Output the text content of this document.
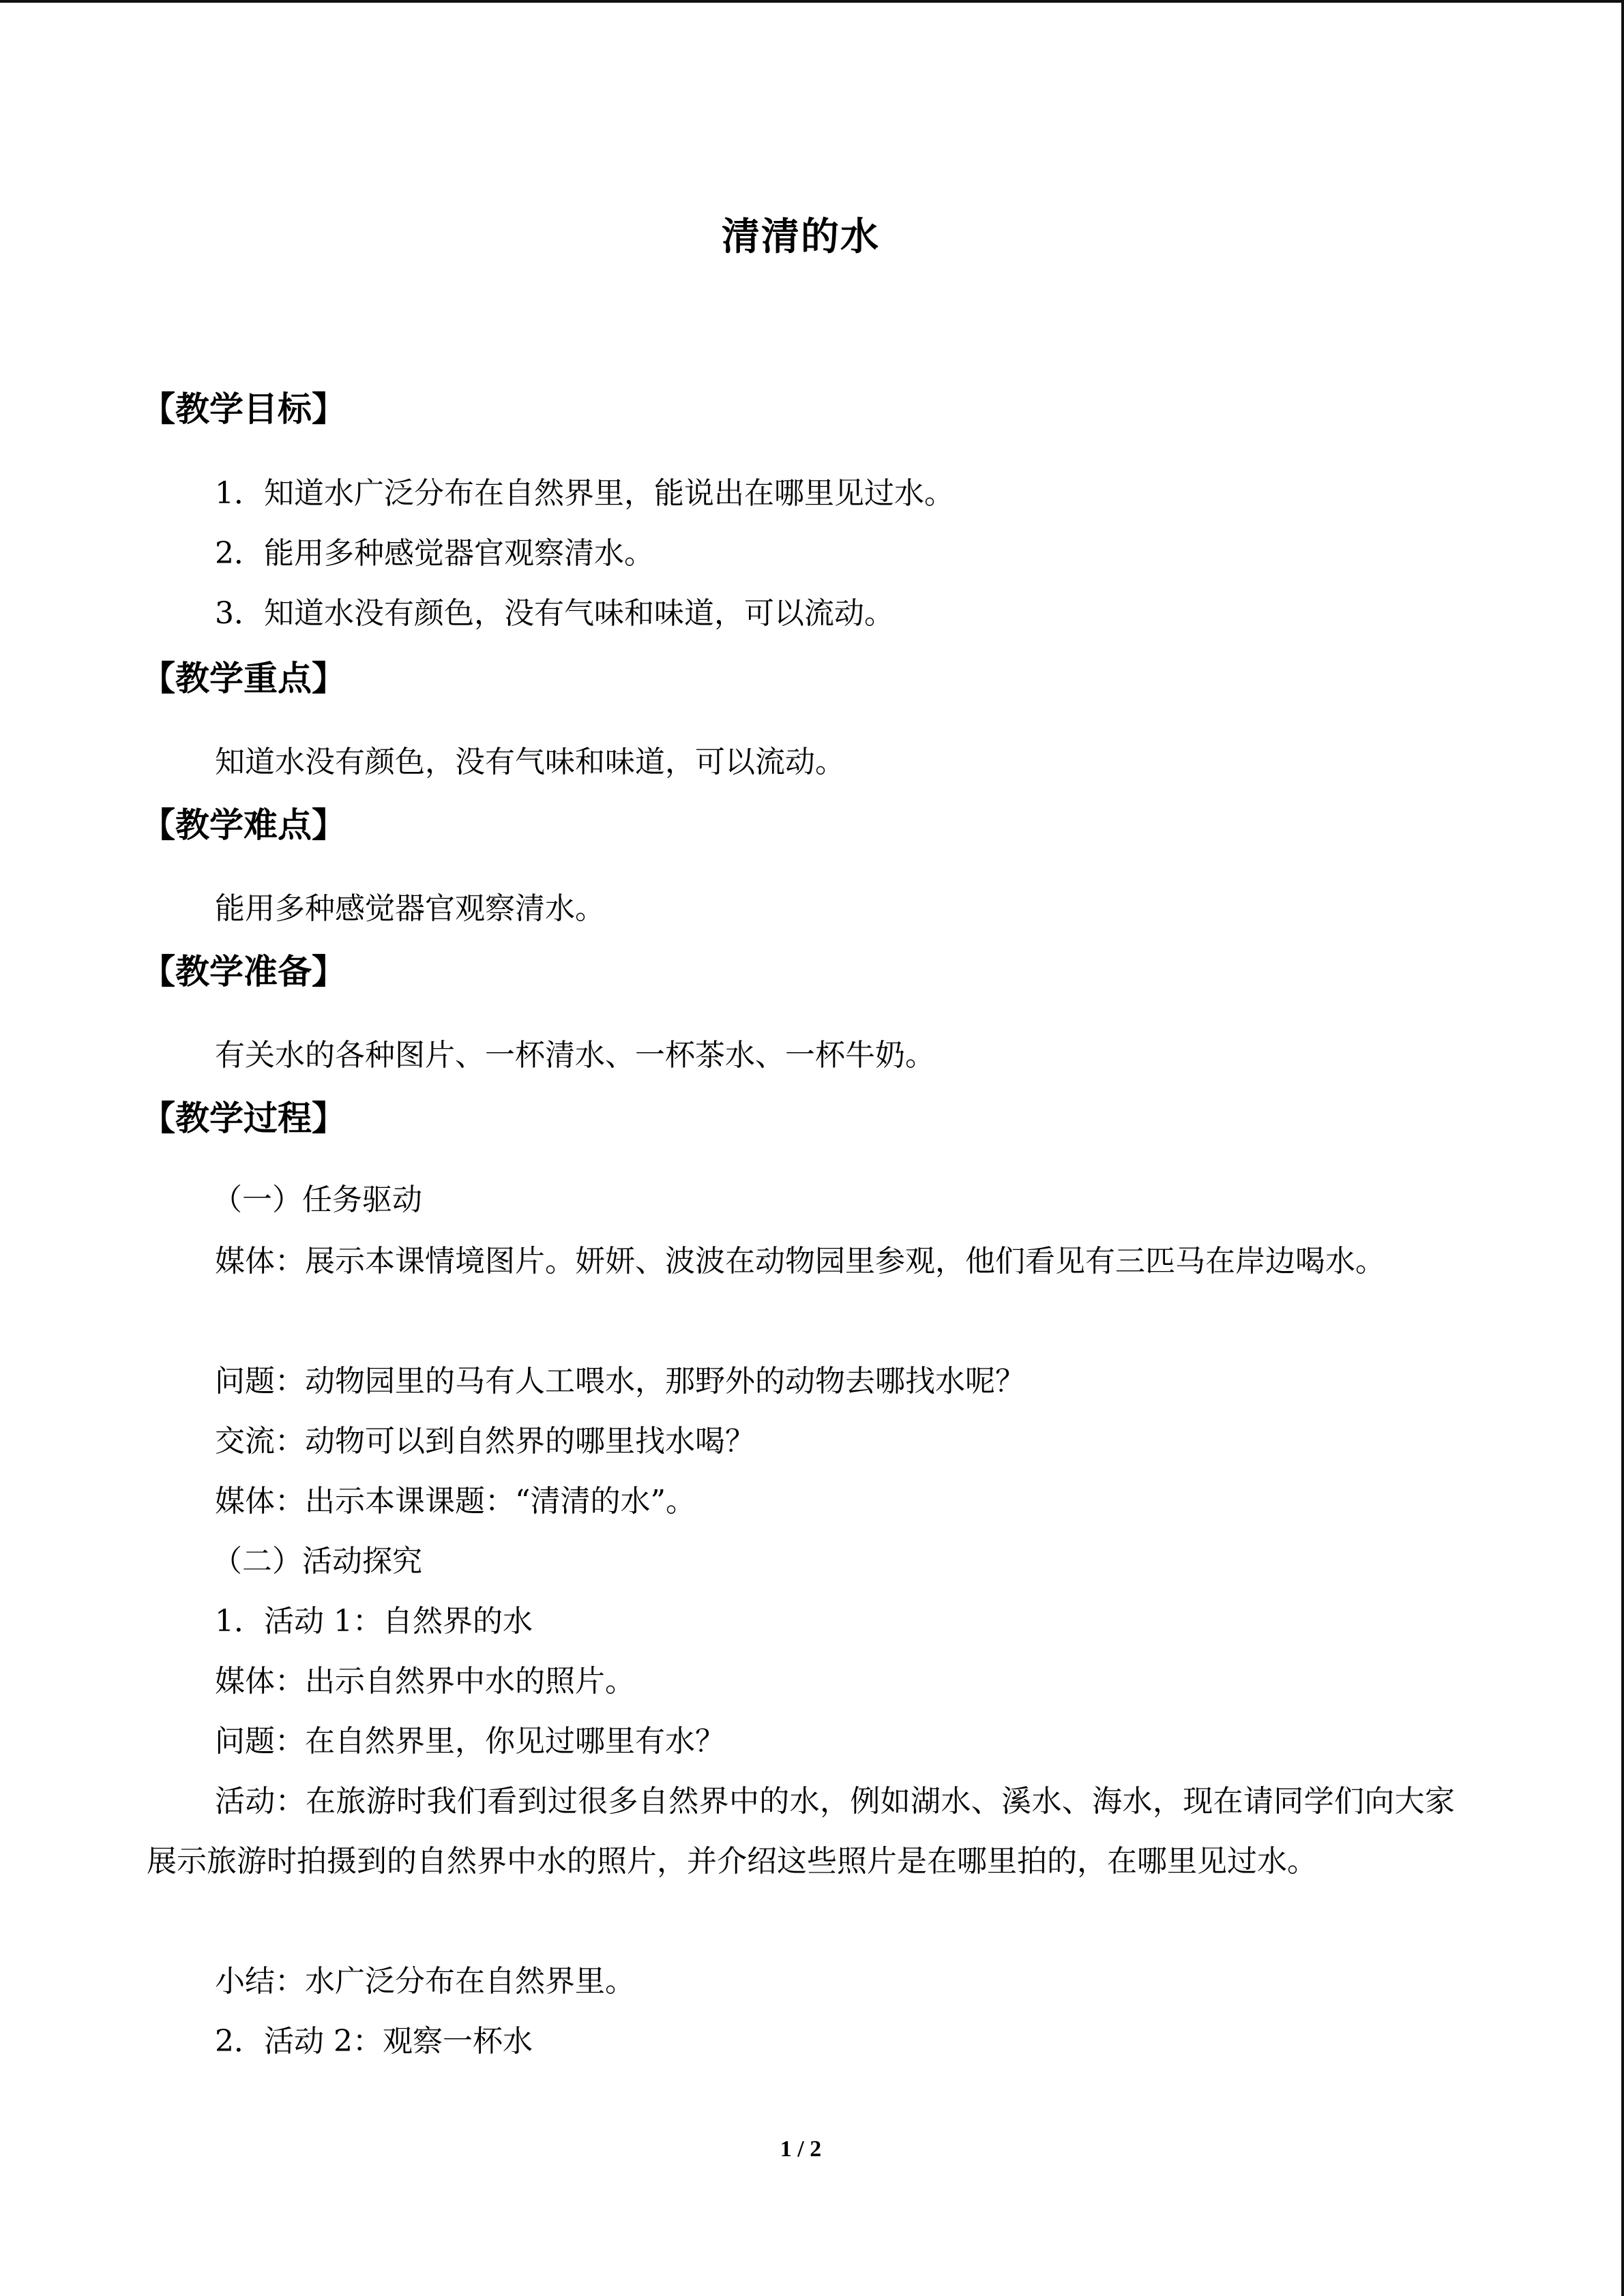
清清的水
【教学目标】
1．知道水广泛分布在自然界里，能说出在哪里见过水。
2．能用多种感觉器官观察清水。
3．知道水没有颜色，没有气味和味道，可以流动。
【教学重点】
知道水没有颜色，没有气味和味道，可以流动。
【教学难点】
能用多种感觉器官观察清水。
【教学准备】
有关水的各种图片、一杯清水、一杯茶水、一杯牛奶。
【教学过程】
（一）任务驱动
媒体：展示本课情境图片。妍妍、波波在动物园里参观，他们看见有三匹马在岸边喝水。
问题：动物园里的马有人工喂水，那野外的动物去哪找水呢？
交流：动物可以到自然界的哪里找水喝？
媒体：出示本课课题：“清清的水”。
（二）活动探究
1．活动 1：自然界的水
媒体：出示自然界中水的照片。
问题：在自然界里，你见过哪里有水？
活动：在旅游时我们看到过很多自然界中的水，例如湖水、溪水、海水，现在请同学们向大家展示旅游时拍摄到的自然界中水的照片，并介绍这些照片是在哪里拍的，在哪里见过水。
小结：水广泛分布在自然界里。
2．活动 2：观察一杯水
1 / 2
